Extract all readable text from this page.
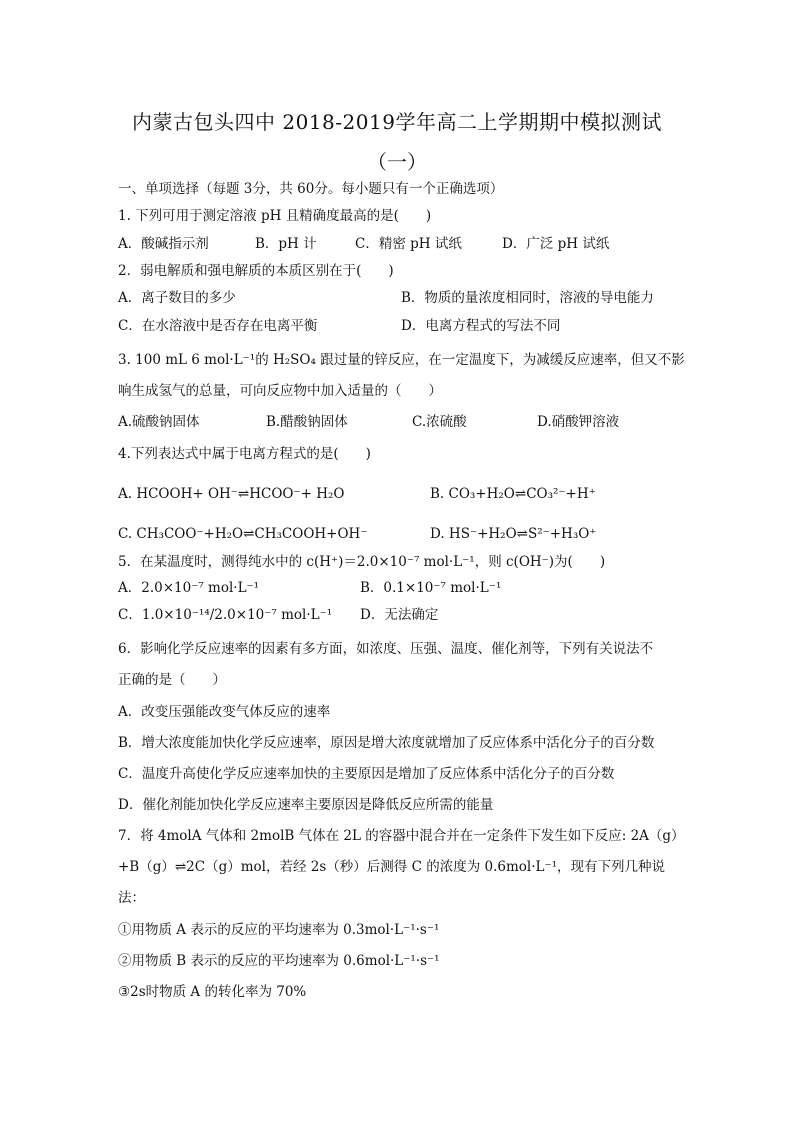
内蒙古包头四中 2018-2019学年高二上学期期中模拟测试
（一）
一、单项选择（每题 3分，共 60分。每小题只有一个正确选项）
1. 下列可用于测定溶液 pH 且精确度最高的是(　　)
A．酸碱指示剂	B．pH 计	C．精密 pH 试纸	D．广泛 pH 试纸
2．弱电解质和强电解质的本质区别在于(　　)
A．离子数目的多少	B．物质的量浓度相同时，溶液的导电能力
C．在水溶液中是否存在电离平衡	D．电离方程式的写法不同
3. 100 mL 6 mol·L⁻¹的 H₂SO₄ 跟过量的锌反应，在一定温度下，为减缓反应速率，但又不影
响生成氢气的总量，可向反应物中加入适量的（　　）
A.硫酸钠固体	B.醋酸钠固体	C.浓硫酸	D.硝酸钾溶液
4.下列表达式中属于电离方程式的是(　　)
A. HCOOH+ OH⁻⇌HCOO⁻+ H₂O	B. CO₃+H₂O⇌CO₃²⁻+H⁺
C. CH₃COO⁻+H₂O⇌CH₃COOH+OH⁻	D. HS⁻+H₂O⇌S²⁻+H₃O⁺
5．在某温度时，测得纯水中的 c(H⁺)＝2.0×10⁻⁷ mol·L⁻¹，则 c(OH⁻)为(　　)
A．2.0×10⁻⁷ mol·L⁻¹	B．0.1×10⁻⁷ mol·L⁻¹
C．1.0×10⁻¹⁴/2.0×10⁻⁷ mol·L⁻¹ D．无法确定
6．影响化学反应速率的因素有多方面，如浓度、压强、温度、催化剂等，下列有关说法不
正确的是（　　）
A．改变压强能改变气体反应的速率
B．增大浓度能加快化学反应速率，原因是增大浓度就增加了反应体系中活化分子的百分数
C．温度升高使化学反应速率加快的主要原因是增加了反应体系中活化分子的百分数
D．催化剂能加快化学反应速率主要原因是降低反应所需的能量
7．将 4molA 气体和 2molB 气体在 2L 的容器中混合并在一定条件下发生如下反应: 2A（g）
+B（g）⇌2C（g）mol，若经 2s（秒）后测得 C 的浓度为 0.6mol·L⁻¹，现有下列几种说
法：
①用物质 A 表示的反应的平均速率为 0.3mol·L⁻¹·s⁻¹
②用物质 B 表示的反应的平均速率为 0.6mol·L⁻¹·s⁻¹
③2s时物质 A 的转化率为 70%
